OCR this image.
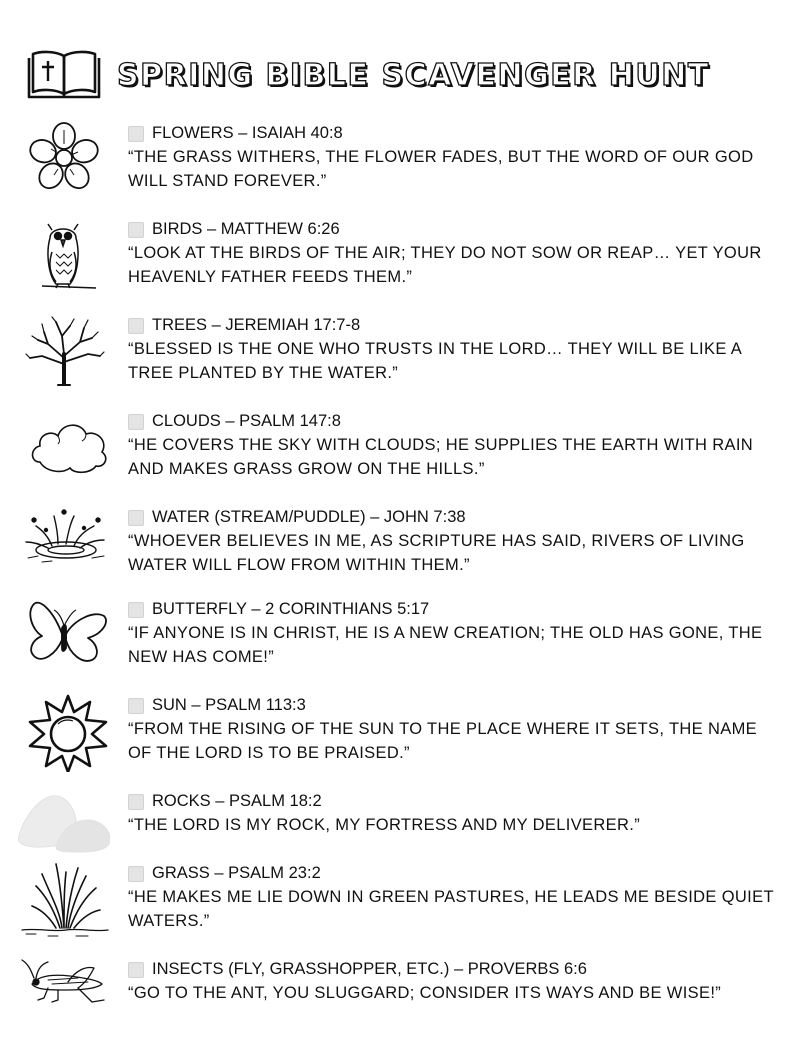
SPRING BIBLE SCAVENGER HUNT
FLOWERS – ISAIAH 40:8
“THE GRASS WITHERS, THE FLOWER FADES, BUT THE WORD OF OUR GOD WILL STAND FOREVER.”
BIRDS – MATTHEW 6:26
“LOOK AT THE BIRDS OF THE AIR; THEY DO NOT SOW OR REAP… YET YOUR HEAVENLY FATHER FEEDS THEM.”
TREES – JEREMIAH 17:7-8
“BLESSED IS THE ONE WHO TRUSTS IN THE LORD… THEY WILL BE LIKE A TREE PLANTED BY THE WATER.”
CLOUDS – PSALM 147:8
“HE COVERS THE SKY WITH CLOUDS; HE SUPPLIES THE EARTH WITH RAIN AND MAKES GRASS GROW ON THE HILLS.”
WATER (STREAM/PUDDLE) – JOHN 7:38
“WHOEVER BELIEVES IN ME, AS SCRIPTURE HAS SAID, RIVERS OF LIVING WATER WILL FLOW FROM WITHIN THEM.”
BUTTERFLY – 2 CORINTHIANS 5:17
“IF ANYONE IS IN CHRIST, HE IS A NEW CREATION; THE OLD HAS GONE, THE NEW HAS COME!”
SUN – PSALM 113:3
“FROM THE RISING OF THE SUN TO THE PLACE WHERE IT SETS, THE NAME OF THE LORD IS TO BE PRAISED.”
ROCKS – PSALM 18:2
“THE LORD IS MY ROCK, MY FORTRESS AND MY DELIVERER.”
GRASS – PSALM 23:2
“HE MAKES ME LIE DOWN IN GREEN PASTURES, HE LEADS ME BESIDE QUIET WATERS.”
INSECTS (FLY, GRASSHOPPER, ETC.) – PROVERBS 6:6
“GO TO THE ANT, YOU SLUGGARD; CONSIDER ITS WAYS AND BE WISE!”
